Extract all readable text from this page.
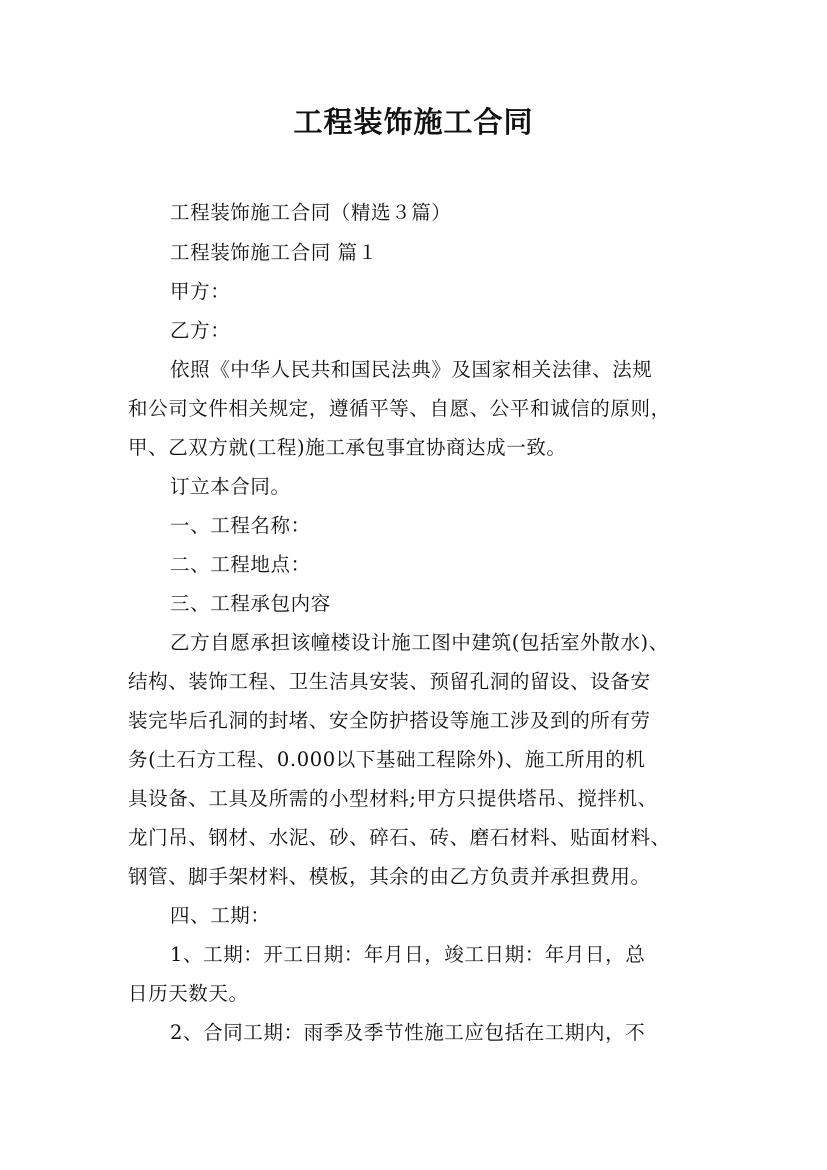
工程装饰施工合同
工程装饰施工合同（精选３篇）
工程装饰施工合同 篇１
甲方：
乙方：
依照《中华人民共和国民法典》及国家相关法律、法规
和公司文件相关规定，遵循平等、自愿、公平和诚信的原则，
甲、乙双方就(工程)施工承包事宜协商达成一致。
订立本合同。
一、工程名称：
二、工程地点：
三、工程承包内容
乙方自愿承担该幢楼设计施工图中建筑(包括室外散水)、
结构、装饰工程、卫生洁具安装、预留孔洞的留设、设备安
装完毕后孔洞的封堵、安全防护搭设等施工涉及到的所有劳
务(土石方工程、0.000以下基础工程除外)、施工所用的机
具设备、工具及所需的小型材料;甲方只提供塔吊、搅拌机、
龙门吊、钢材、水泥、砂、碎石、砖、磨石材料、贴面材料、
钢管、脚手架材料、模板，其余的由乙方负责并承担费用。
四、工期：
1、工期：开工日期：年月日，竣工日期：年月日，总
日历天数天。
2、合同工期：雨季及季节性施工应包括在工期内，不
